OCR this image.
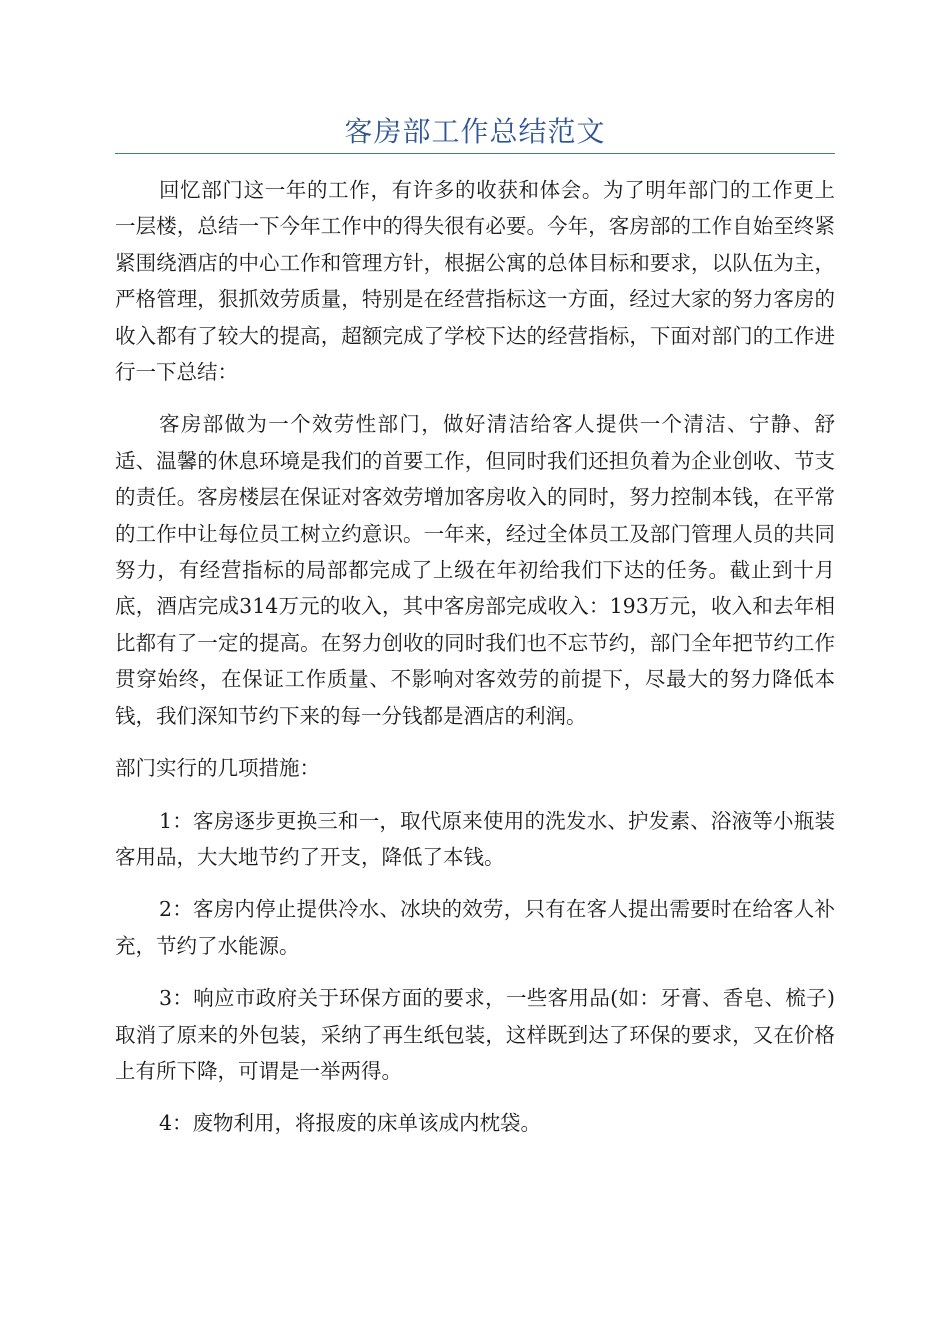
客房部工作总结范文

回忆部门这一年的工作，有许多的收获和体会。为了明年部门的工作更上一层楼，总结一下今年工作中的得失很有必要。今年，客房部的工作自始至终紧紧围绕酒店的中心工作和管理方针，根据公寓的总体目标和要求，以队伍为主，严格管理，狠抓效劳质量，特别是在经营指标这一方面，经过大家的努力客房的收入都有了较大的提高，超额完成了学校下达的经营指标，下面对部门的工作进行一下总结：

客房部做为一个效劳性部门，做好清洁给客人提供一个清洁、宁静、舒适、温馨的休息环境是我们的首要工作，但同时我们还担负着为企业创收、节支的责任。客房楼层在保证对客效劳增加客房收入的同时，努力控制本钱，在平常的工作中让每位员工树立约意识。一年来，经过全体员工及部门管理人员的共同努力，有经营指标的局部都完成了上级在年初给我们下达的任务。截止到十月底，酒店完成314万元的收入，其中客房部完成收入：193万元，收入和去年相比都有了一定的提高。在努力创收的同时我们也不忘节约，部门全年把节约工作贯穿始终，在保证工作质量、不影响对客效劳的前提下，尽最大的努力降低本钱，我们深知节约下来的每一分钱都是酒店的利润。

部门实行的几项措施：

1：客房逐步更换三和一，取代原来使用的洗发水、护发素、浴液等小瓶装客用品，大大地节约了开支，降低了本钱。

2：客房内停止提供冷水、冰块的效劳，只有在客人提出需要时在给客人补充，节约了水能源。

3：响应市政府关于环保方面的要求，一些客用品(如：牙膏、香皂、梳子)取消了原来的外包装，采纳了再生纸包装，这样既到达了环保的要求，又在价格上有所下降，可谓是一举两得。

4：废物利用，将报废的床单该成内枕袋。
